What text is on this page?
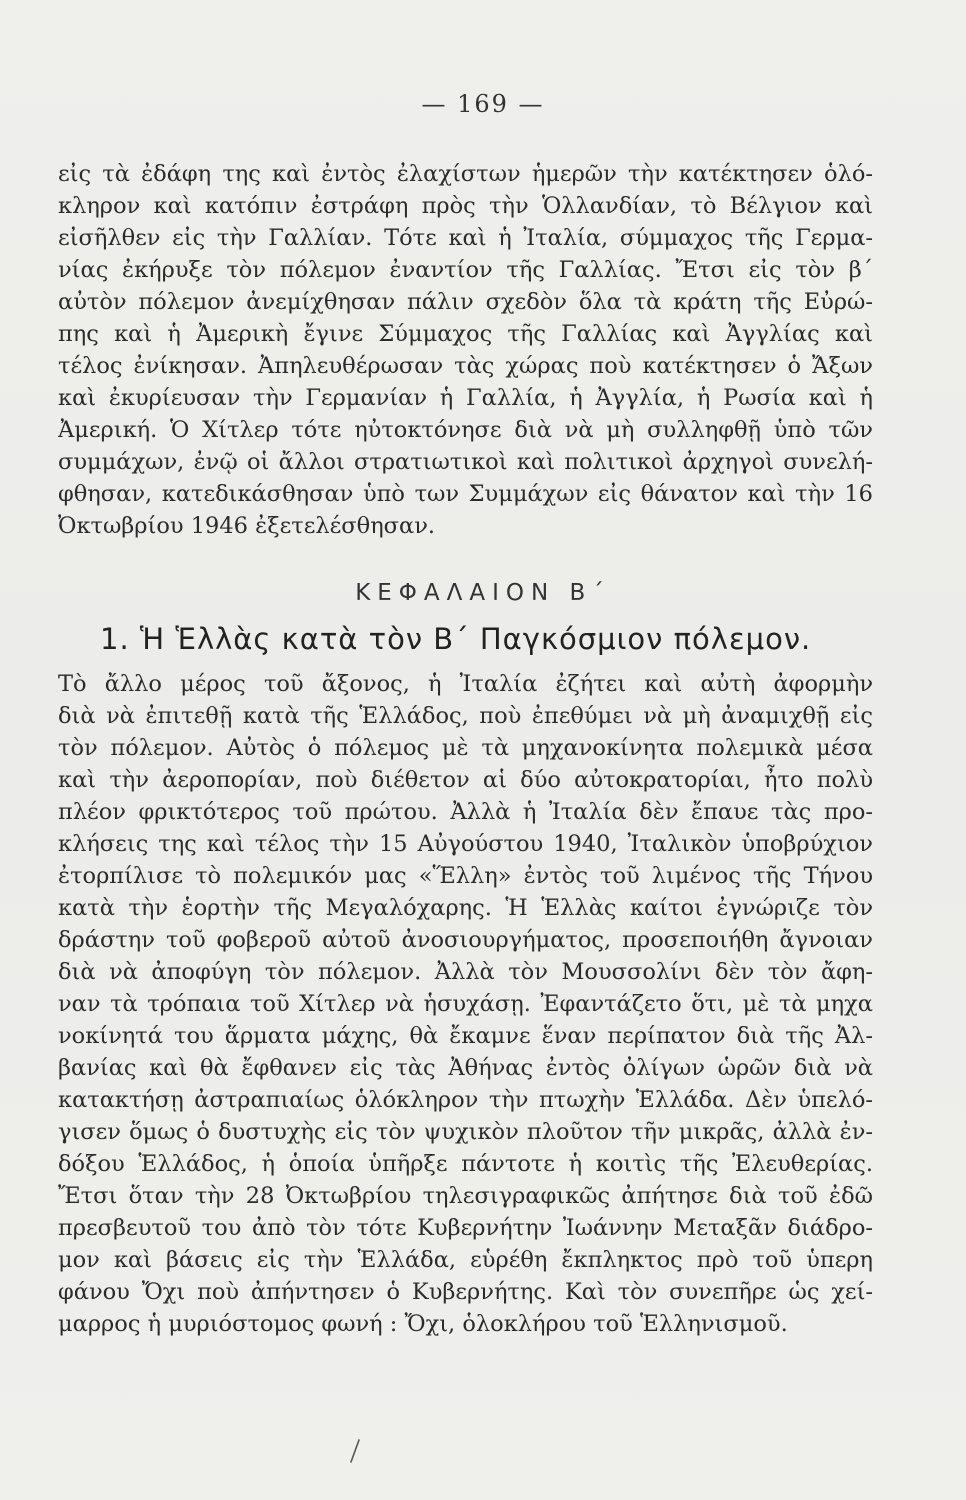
— 169 —
εἰς τὰ ἐδάφη της καὶ ἐντὸς ἐλαχίστων ἡμερῶν τὴν κατέκτησεν ὁλό-
κληρον καὶ κατόπιν ἐστράφη πρὸς τὴν Ὁλλανδίαν, τὸ Βέλγιον καὶ
εἰσῆλθεν εἰς τὴν Γαλλίαν. Τότε καὶ ἡ Ἰταλία, σύμμαχος τῆς Γερμα-
νίας ἐκήρυξε τὸν πόλεμον ἐναντίον τῆς Γαλλίας. Ἔτσι εἰς τὸν β΄
αὐτὸν πόλεμον ἀνεμίχθησαν πάλιν σχεδὸν ὅλα τὰ κράτη τῆς Εὐρώ-
πης καὶ ἡ Ἀμερικὴ ἔγινε Σύμμαχος τῆς Γαλλίας καὶ Ἀγγλίας καὶ
τέλος ἐνίκησαν. Ἀπηλευθέρωσαν τὰς χώρας ποὺ κατέκτησεν ὁ Ἄξων
καὶ ἐκυρίευσαν τὴν Γερμανίαν ἡ Γαλλία, ἡ Ἀγγλία, ἡ Ρωσία καὶ ἡ
Ἀμερική. Ὁ Χίτλερ τότε ηὐτοκτόνησε διὰ νὰ μὴ συλληφθῇ ὑπὸ τῶν
συμμάχων, ἐνῷ οἱ ἄλλοι στρατιωτικοὶ καὶ πολιτικοὶ ἀρχηγοὶ συνελή-
φθησαν, κατεδικάσθησαν ὑπὸ των Συμμάχων εἰς θάνατον καὶ τὴν 16
Ὀκτωβρίου 1946 ἐξετελέσθησαν.
ΚΕΦΑΛΑΙΟΝ Β΄
1. Ἡ Ἑλλὰς κατὰ τὸν Β΄ Παγκόσμιον πόλεμον.
Τὸ ἄλλο μέρος τοῦ ἄξονος, ἡ Ἰταλία ἐζήτει καὶ αὐτὴ ἀφορμὴν
διὰ νὰ ἐπιτεθῇ κατὰ τῆς Ἑλλάδος, ποὺ ἐπεθύμει νὰ μὴ ἀναμιχθῇ εἰς
τὸν πόλεμον. Αὐτὸς ὁ πόλεμος μὲ τὰ μηχανοκίνητα πολεμικὰ μέσα
καὶ τὴν ἀεροπορίαν, ποὺ διέθετον αἱ δύο αὐτοκρατορίαι, ἦτο πολὺ
πλέον φρικτότερος τοῦ πρώτου. Ἀλλὰ ἡ Ἰταλία δὲν ἔπαυε τὰς προ-
κλήσεις της καὶ τέλος τὴν 15 Αὐγούστου 1940, Ἰταλικὸν ὑποβρύχιον
ἐτορπίλισε τὸ πολεμικόν μας «Ἕλλη» ἐντὸς τοῦ λιμένος τῆς Τήνου
κατὰ τὴν ἑορτὴν τῆς Μεγαλόχαρης. Ἡ Ἑλλὰς καίτοι ἐγνώριζε τὸν
δράστην τοῦ φοβεροῦ αὐτοῦ ἀνοσιουργήματος, προσεποιήθη ἄγνοιαν
διὰ νὰ ἀποφύγη τὸν πόλεμον. Ἀλλὰ τὸν Μουσσολίνι δὲν τὸν ἄφη-
ναν τὰ τρόπαια τοῦ Χίτλερ νὰ ἡσυχάσῃ. Ἐφαντάζετο ὅτι, μὲ τὰ μηχα
νοκίνητά του ἅρματα μάχης, θὰ ἔκαμνε ἕναν περίπατον διὰ τῆς Ἀλ-
βανίας καὶ θὰ ἔφθανεν εἰς τὰς Ἀθήνας ἐντὸς ὀλίγων ὡρῶν διὰ νὰ
κατακτήσῃ ἀστραπιαίως ὁλόκληρον τὴν πτωχὴν Ἑλλάδα. Δὲν ὑπελό-
γισεν ὅμως ὁ δυστυχὴς εἰς τὸν ψυχικὸν πλοῦτον τῆν μικρᾶς, ἀλλὰ ἐν-
δόξου Ἑλλάδος, ἡ ὁποία ὑπῆρξε πάντοτε ἡ κοιτὶς τῆς Ἐλευθερίας.
Ἔτσι ὅταν τὴν 28 Ὀκτωβρίου τηλεσιγραφικῶς ἀπήτησε διὰ τοῦ ἐδῶ
πρεσβευτοῦ του ἀπὸ τὸν τότε Κυβερνήτην Ἰωάννην Μεταξᾶν διάδρο-
μον καὶ βάσεις εἰς τὴν Ἑλλάδα, εὑρέθη ἔκπληκτος πρὸ τοῦ ὑπερη
φάνου Ὄχι ποὺ ἀπήντησεν ὁ Κυβερνήτης. Καὶ τὸν συνεπῆρε ὡς χεί-
μαρρος ἡ μυριόστομος φωνή : Ὄχι, ὁλοκλήρου τοῦ Ἑλληνισμοῦ.
